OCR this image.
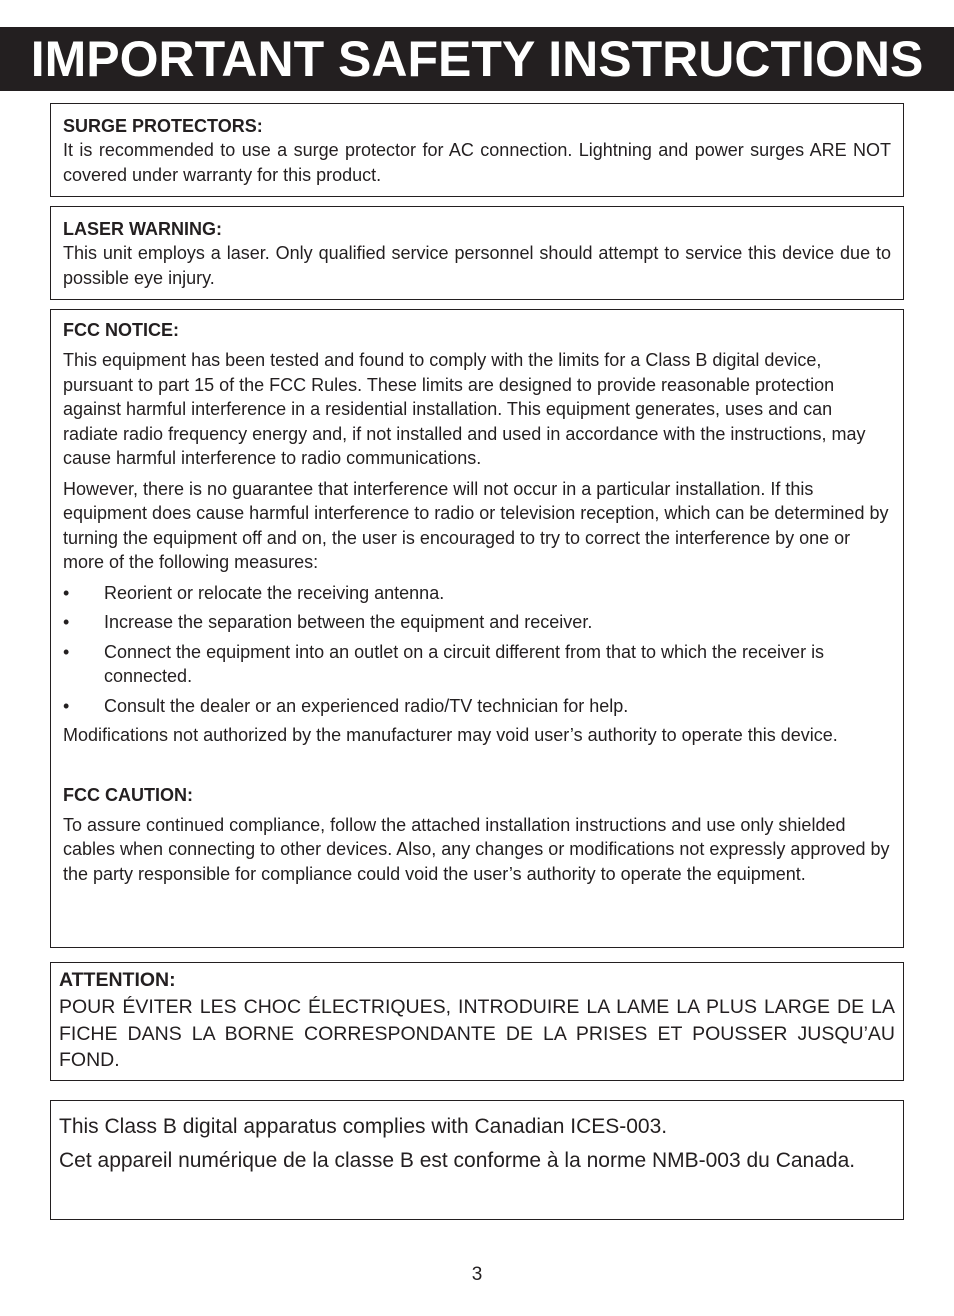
IMPORTANT SAFETY INSTRUCTIONS

SURGE PROTECTORS:

It is recommended to use a surge protector for AC connection. Lightning and power surges ARE NOT covered under warranty for this product.

LASER WARNING:

This unit employs a laser. Only qualified service personnel should attempt to service this device due to possible eye injury.

FCC NOTICE:

This equipment has been tested and found to comply with the limits for a Class B digital device, pursuant to part 15 of the FCC Rules. These limits are designed to provide reasonable protection against harmful interference in a residential installation. This equipment generates, uses and can radiate radio frequency energy and, if not installed and used in accordance with the instructions, may cause harmful interference to radio communications.

However, there is no guarantee that interference will not occur in a particular installation. If this equipment does cause harmful interference to radio or television reception, which can be determined by turning the equipment off and on, the user is encouraged to try to correct the interference by one or more of the following measures:

• Reorient or relocate the receiving antenna.
• Increase the separation between the equipment and receiver.
• Connect the equipment into an outlet on a circuit different from that to which the receiver is connected.
• Consult the dealer or an experienced radio/TV technician for help.

Modifications not authorized by the manufacturer may void user’s authority to operate this device.

FCC CAUTION:

To assure continued compliance, follow the attached installation instructions and use only shielded cables when connecting to other devices. Also, any changes or modifications not expressly approved by the party responsible for compliance could void the user’s authority to operate the equipment.

ATTENTION:

POUR ÉVITER LES CHOC ÉLECTRIQUES, INTRODUIRE LA LAME LA PLUS LARGE DE LA FICHE DANS LA BORNE CORRESPONDANTE DE LA PRISES ET POUSSER JUSQU’AU FOND.

This Class B digital apparatus complies with Canadian ICES-003.

Cet appareil numérique de la classe B est conforme à la norme NMB-003 du Canada.

3
